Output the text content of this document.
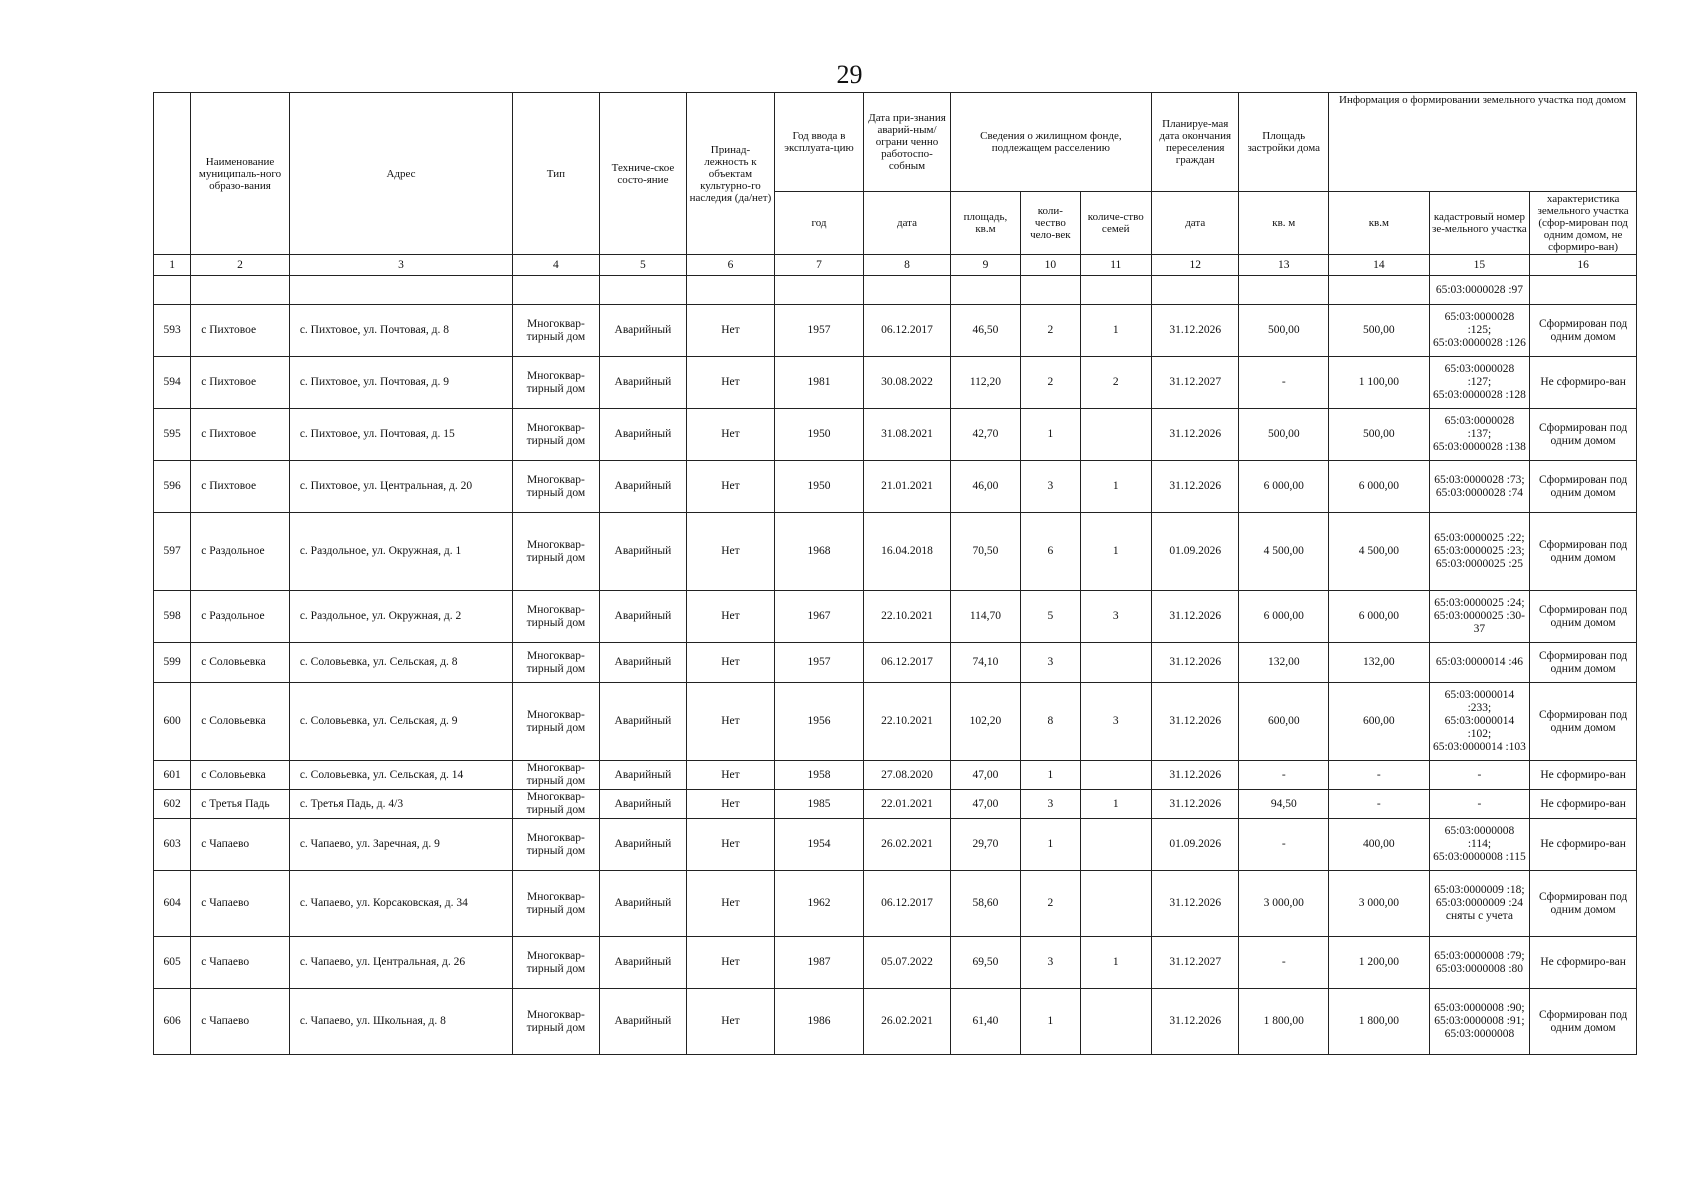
29
	Наименование муниципаль-ного образо-вания	Адрес	Тип	Техниче-ское состо-яние	Принад-лежность к объектам культурно-го наследия (да/нет)	Год ввода в эксплуата-цию	Дата при-знания аварий-ным/ограни ченно работоспо-собным	Сведения о жилищном фонде, подлежащем расселению			Планируе-мая дата окончания переселения граждан	Площадь застройки дома	Информация о формировании земельного участка под домом		
						год	дата	площадь, кв.м	коли-чество чело-век	количе-ство семей	дата	кв. м	кв.м	кадастровый номер зе-мельного участка	характеристика земельного участка (сфор-мирован под одним домом, не сформиро-ван)
1	2	3	4	5	6	7	8	9	10	11	12	13	14	15	16
														65:03:0000028 :97	
593	с Пихтовое	с. Пихтовое, ул. Почтовая, д. 8	Многоквар-тирный дом	Аварийный	Нет	1957	06.12.2017	46,50	2	1	31.12.2026	500,00	500,00	65:03:0000028 :125; 65:03:0000028 :126	Сформирован под одним домом
594	с Пихтовое	с. Пихтовое, ул. Почтовая, д. 9	Многоквар-тирный дом	Аварийный	Нет	1981	30.08.2022	112,20	2	2	31.12.2027	-	1 100,00	65:03:0000028 :127; 65:03:0000028 :128	Не сформиро-ван
595	с Пихтовое	с. Пихтовое, ул. Почтовая, д. 15	Многоквар-тирный дом	Аварийный	Нет	1950	31.08.2021	42,70	1		31.12.2026	500,00	500,00	65:03:0000028 :137; 65:03:0000028 :138	Сформирован под одним домом
596	с Пихтовое	с. Пихтовое, ул. Центральная, д. 20	Многоквар-тирный дом	Аварийный	Нет	1950	21.01.2021	46,00	3	1	31.12.2026	6 000,00	6 000,00	65:03:0000028 :73; 65:03:0000028 :74	Сформирован под одним домом
597	с Раздольное	с. Раздольное, ул. Окружная, д. 1	Многоквар-тирный дом	Аварийный	Нет	1968	16.04.2018	70,50	6	1	01.09.2026	4 500,00	4 500,00	65:03:0000025 :22; 65:03:0000025 :23; 65:03:0000025 :25	Сформирован под одним домом
598	с Раздольное	с. Раздольное, ул. Окружная, д. 2	Многоквар-тирный дом	Аварийный	Нет	1967	22.10.2021	114,70	5	3	31.12.2026	6 000,00	6 000,00	65:03:0000025 :24; 65:03:0000025 :30-37	Сформирован под одним домом
599	с Соловьевка	с. Соловьевка, ул. Сельская, д. 8	Многоквар-тирный дом	Аварийный	Нет	1957	06.12.2017	74,10	3		31.12.2026	132,00	132,00	65:03:0000014 :46	Сформирован под одним домом
600	с Соловьевка	с. Соловьевка, ул. Сельская, д. 9	Многоквар-тирный дом	Аварийный	Нет	1956	22.10.2021	102,20	8	3	31.12.2026	600,00	600,00	65:03:0000014 :233; 65:03:0000014 :102; 65:03:0000014 :103	Сформирован под одним домом
601	с Соловьевка	с. Соловьевка, ул. Сельская, д. 14	Многоквар-тирный дом	Аварийный	Нет	1958	27.08.2020	47,00	1		31.12.2026	-	-	-	Не сформиро-ван
602	с Третья Падь	с. Третья Падь, д. 4/3	Многоквар-тирный дом	Аварийный	Нет	1985	22.01.2021	47,00	3	1	31.12.2026	94,50	-	-	Не сформиро-ван
603	с Чапаево	с. Чапаево, ул. Заречная, д. 9	Многоквар-тирный дом	Аварийный	Нет	1954	26.02.2021	29,70	1		01.09.2026	-	400,00	65:03:0000008 :114; 65:03:0000008 :115	Не сформиро-ван
604	с Чапаево	с. Чапаево, ул. Корсаковская, д. 34	Многоквар-тирный дом	Аварийный	Нет	1962	06.12.2017	58,60	2		31.12.2026	3 000,00	3 000,00	65:03:0000009 :18; 65:03:0000009 :24 сняты с учета	Сформирован под одним домом
605	с Чапаево	с. Чапаево, ул. Центральная, д. 26	Многоквар-тирный дом	Аварийный	Нет	1987	05.07.2022	69,50	3	1	31.12.2027	-	1 200,00	65:03:0000008 :79; 65:03:0000008 :80	Не сформиро-ван
606	с Чапаево	с. Чапаево, ул. Школьная, д. 8	Многоквар-тирный дом	Аварийный	Нет	1986	26.02.2021	61,40	1		31.12.2026	1 800,00	1 800,00	65:03:0000008 :90; 65:03:0000008 :91; 65:03:0000008	Сформирован под одним домом
